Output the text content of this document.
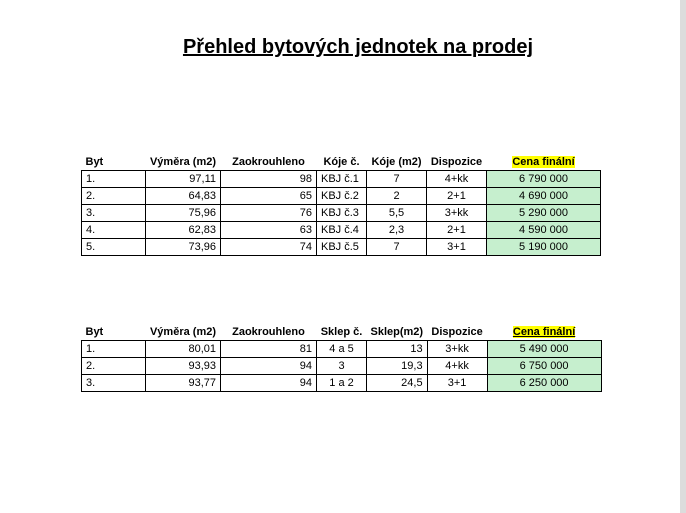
Přehled bytových jednotek na prodej
Byt	Výměra (m2)	Zaokrouhleno	Kóje č.	Kóje (m2)	Dispozice	Cena finální
1.	97,11	98	KBJ č.1	7	4+kk	6 790 000
2.	64,83	65	KBJ č.2	2	2+1	4 690 000
3.	75,96	76	KBJ č.3	5,5	3+kk	5 290 000
4.	62,83	63	KBJ č.4	2,3	2+1	4 590 000
5.	73,96	74	KBJ č.5	7	3+1	5 190 000
Byt	Výměra (m2)	Zaokrouhleno	Sklep č.	Sklep(m2)	Dispozice	Cena finální
1.	80,01	81	4 a 5	13	3+kk	5 490 000
2.	93,93	94	3	19,3	4+kk	6 750 000
3.	93,77	94	1 a 2	24,5	3+1	6 250 000
